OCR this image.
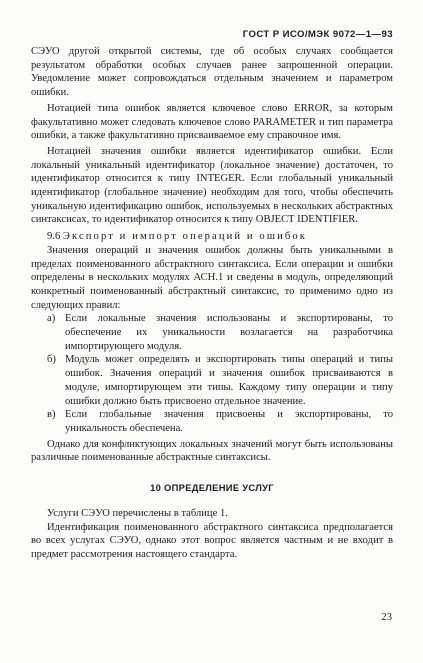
ГОСТ Р ИСО/МЭК 9072—1—93

СЭУО другой открытой системы, где об особых случаях сообщается результатом обработки особых случаев ранее запрошенной операции. Уведомление может сопровождаться отдельным значением и параметром ошибки.

Нотацией типа ошибок является ключевое слово ERROR, за которым факультативно может следовать ключевое слово PARAMETER и тип параметра ошибки, а также факультативно присваиваемое ему справочное имя.

Нотацией значения ошибки является идентификатор ошибки. Если локальный уникальный идентификатор (локальное значение) достаточен, то идентификатор относится к типу INTEGER. Если глобальный уникальный идентификатор (глобальное значение) необходим для того, чтобы обеспечить уникальную идентификацию ошибок, используемых в нескольких абстрактных синтаксисах, то идентификатор относится к типу OBJECT IDENTIFIER.

9.6 Экспорт и импорт операций и ошибок

Значения операций и значения ошибок должны быть уникальными в пределах поименованного абстрактного синтаксиса. Если операции и ошибки определены в нескольких модулях АСН.1 и сведены в модуль, определяющий конкретный поименованный абстрактный синтаксис, то применимо одно из следующих правил:

а) Если локальные значения использованы и экспортированы, то обеспечение их уникальности возлагается на разработчика импортирующего модуля.
б) Модуль может определять и экспортировать типы операций и типы ошибок. Значения операций и значения ошибок присваиваются в модуле, импортирующем эти типы. Каждому типу операции и типу ошибки должно быть присвоено отдельное значение.
в) Если глобальные значения присвоены и экспортированы, то уникальность обеспечена.

Однако для конфликтующих локальных значений могут быть использованы различные поименованные абстрактные синтаксисы.

10 ОПРЕДЕЛЕНИЕ УСЛУГ

Услуги СЭУО перечислены в таблице 1.

Идентификация поименованного абстрактного синтаксиса предполагается во всех услугах СЭУО, однако этот вопрос является частным и не входит в предмет рассмотрения настоящего стандарта.

23
